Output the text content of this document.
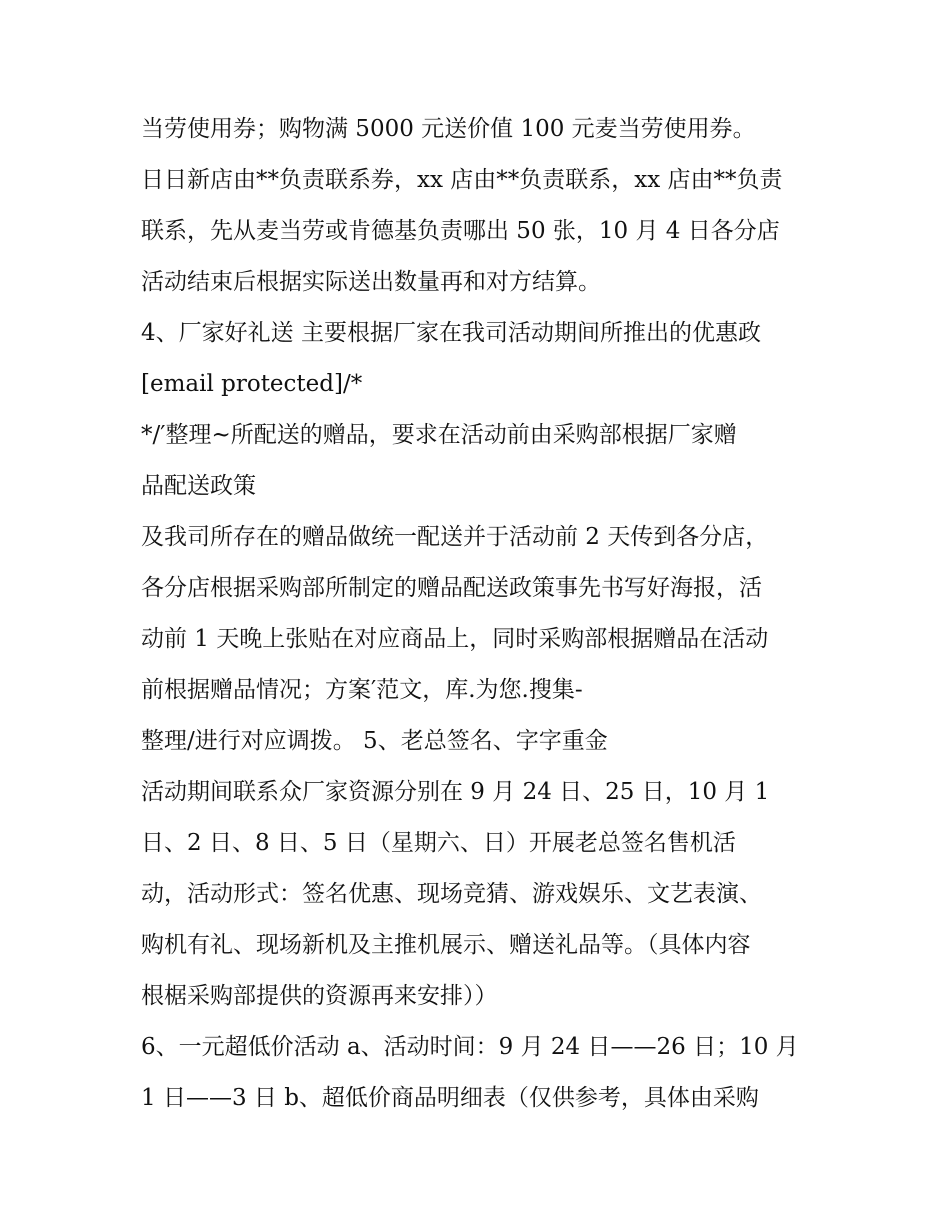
当劳使用券；购物满 5000 元送价值 100 元麦当劳使用券。
日日新店由**负责联系券，xx 店由**负责联系，xx 店由**负责
联系，先从麦当劳或肯德基负责哪出 50 张，10 月 4 日各分店
活动结束后根据实际送出数量再和对方结算。
4、厂家好礼送 主要根据厂家在我司活动期间所推出的优惠政
[email protected]/*
*/′整理~所配送的赠品，要求在活动前由采购部根据厂家赠
品配送政策
及我司所存在的赠品做统一配送并于活动前 2 天传到各分店，
各分店根据采购部所制定的赠品配送政策事先书写好海报，活
动前 1 天晚上张贴在对应商品上，同时采购部根据赠品在活动
前根据赠品情况；方案′范文，库.为您.搜集-
整理/进行对应调拨。 5、老总签名、字字重金
活动期间联系众厂家资源分别在 9 月 24 日、25 日，10 月 1
日、2 日、8 日、5 日（星期六、日）开展老总签名售机活
动，活动形式：签名优惠、现场竞猜、游戏娱乐、文艺表演、
购机有礼、现场新机及主推机展示、赠送礼品等。（具体内容
根椐采购部提供的资源再来安排））
6、一元超低价活动 a、活动时间：9 月 24 日——26 日；10 月
1 日——3 日 b、超低价商品明细表（仅供参考，具体由采购
